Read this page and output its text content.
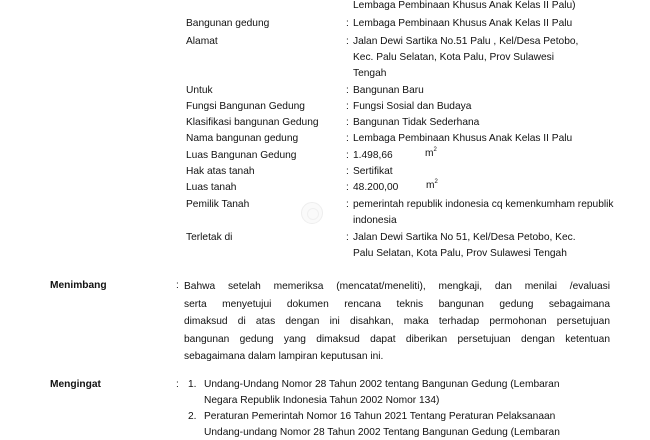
Lembaga Pembinaan Khusus Anak Kelas II Palu)
Bangunan gedung	: Lembaga Pembinaan Khusus Anak Kelas II Palu
Alamat	: Jalan Dewi Sartika No.51 Palu , Kel/Desa Petobo,
Kec. Palu Selatan, Kota Palu, Prov Sulawesi
Tengah
Untuk	: Bangunan Baru
Fungsi Bangunan Gedung	: Fungsi Sosial dan Budaya
Klasifikasi bangunan Gedung	: Bangunan Tidak Sederhana
Nama bangunan gedung	: Lembaga Pembinaan Khusus Anak Kelas II Palu
Luas Bangunan Gedung	: 1.498,66	$m^2$
Hak atas tanah	: Sertifikat
Luas tanah	: 48.200,00	$m^2$
Pemilik Tanah	: pemerintah republik indonesia cq kemenkumham republik
indonesia
Terletak di	: Jalan Dewi Sartika No 51, Kel/Desa Petobo, Kec.
Palu Selatan, Kota Palu, Prov Sulawesi Tengah
Menimbang	: Bahwa setelah memeriksa (mencatat/meneliti), mengkaji, dan menilai /evaluasi

serta menyetujui dokumen rencana teknis bangunan gedung sebagaimana

dimaksud di atas dengan ini disahkan, maka terhadap permohonan persetujuan

bangunan gedung yang dimaksud dapat diberikan persetujuan dengan ketentuan

sebagaimana dalam lampiran keputusan ini.

Mengingat	: 1. Undang-Undang Nomor 28 Tahun 2002 tentang Bangunan Gedung (Lembaran
Negara Republik Indonesia Tahun 2002 Nomor 134)
2. Peraturan Pemerintah Nomor 16 Tahun 2021 Tentang Peraturan Pelaksanaan
Undang-undang Nomor 28 Tahun 2002 Tentang Bangunan Gedung (Lembaran
